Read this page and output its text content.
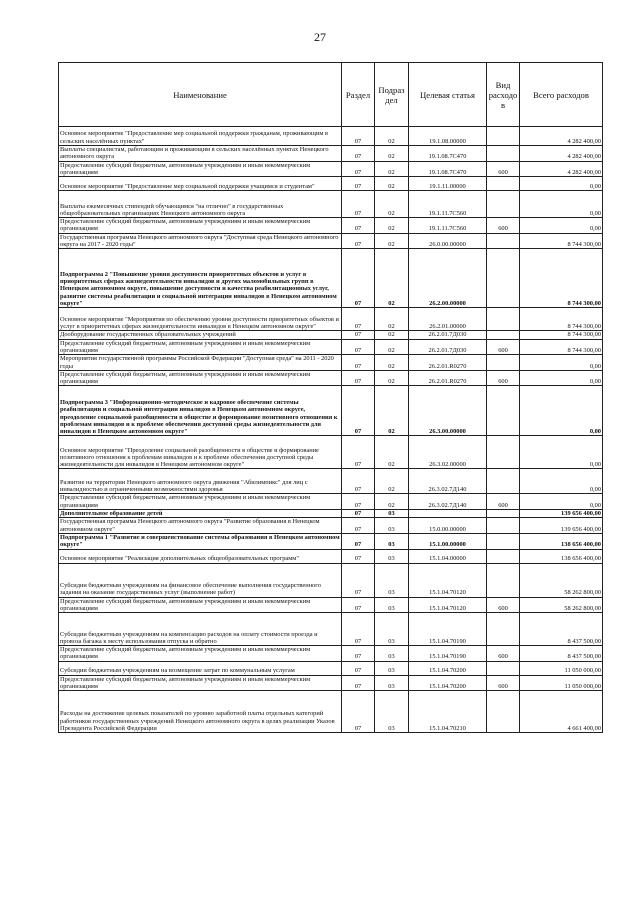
27
Наименование	Раздел	Подраз дел	Целевая статья	Вид расходо в	Всего расходов
Основное мероприятие "Предоставление мер социальной поддержки гражданам, проживающим в сельских населённых пунктах"	07	02	19.1.08.00000		4 282 400,00
Выплаты специалистам, работающим и проживающим в сельских населённых пунктах Ненецкого автономного округа	07	02	19.1.08.7С470		4 282 400,00
Предоставление субсидий бюджетным, автономным учреждениям и иным некоммерческим организациям	07	02	19.1.08.7С470	600	4 282 400,00
Основное мероприятие "Предоставление мер социальной поддержки учащимся и студентам"	07	02	19.1.11.00000		0,00
Выплаты ежемесячных стипендий обучающимся "на отлично" в государственных общеобразовательных организациях Ненецкого автономного округа	07	02	19.1.11.7С560		0,00
Предоставление субсидий бюджетным, автономным учреждениям и иным некоммерческим организациям	07	02	19.1.11.7С560	600	0,00
Государственная программа Ненецкого автономного округа "Доступная среда Ненецкого автономного округа на 2017 - 2020 годы"	07	02	26.0.00.00000		8 744 300,00
Подпрограмма 2 "Повышение уровня доступности приоритетных объектов и услуг в приоритетных сферах жизнедеятельности инвалидов и других маломобильных групп в Ненецком автономном округе, повышение доступности и качества реабилитационных услуг, развитие системы реабилитации и социальной интеграции инвалидов в Ненецком автономном округе"	07	02	26.2.00.00000		8 744 300,00
Основное мероприятие "Мероприятия по обеспечению уровня доступности приоритетных объектов и услуг в приоритетных сферах жизнедеятельности инвалидов в Ненецком автономном округе"	07	02	26.2.01.00000		8 744 300,00
Дооборудование государственных образовательных учреждений	07	02	26.2.01.7Д030		8 744 300,00
Предоставление субсидий бюджетным, автономным учреждениям и иным некоммерческим организациям	07	02	26.2.01.7Д030	600	8 744 300,00
Мероприятия государственной программы Российской Федерации "Доступная среда" на 2011 - 2020 годы	07	02	26.2.01.R0270		0,00
Предоставление субсидий бюджетным, автономным учреждениям и иным некоммерческим организациям	07	02	26.2.01.R0270	600	0,00
Подпрограмма 3 "Информационно-методическое и кадровое обеспечение системы реабилитации и социальной интеграции инвалидов в Ненецком автономном округе, преодоление социальной разобщенности в обществе и формирование позитивного отношения к проблемам инвалидов и к проблеме обеспечения доступной среды жизнедеятельности для инвалидов в Ненецком автономном округе"	07	02	26.3.00.00000		0,00
Основное мероприятие "Преодоление социальной разобщенности в обществе и формирование позитивного отношения к проблемам инвалидов и к проблеме обеспечения доступной среды жизнедеятельности для инвалидов в Ненецком автономном округе"	07	02	26.3.02.00000		0,00
Развитие на территории Ненецкого автономного округа движения "Абилимпикс" для лиц с инвалидностью и ограниченными возможностями здоровья	07	02	26.3.02.7Д140		0,00
Предоставление субсидий бюджетным, автономным учреждениям и иным некоммерческим организациям	07	02	26.3.02.7Д140	600	0,00
Дополнительное образование детей	07	03			139 656 400,00
Государственная программа Ненецкого автономного округа "Развитие образования в Ненецком автономном округе"	07	03	15.0.00.00000		139 656 400,00
Подпрограмма 1 "Развитие и совершенствование системы образования в Ненецком автономном округе"	07	03	15.1.00.00000		138 656 400,00
Основное мероприятие "Реализация дополнительных общеобразовательных программ"	07	03	15.1.04.00000		138 656 400,00
Субсидии бюджетным учреждениям на финансовое обеспечение выполнения государственного задания на оказание государственных услуг (выполнение работ)	07	03	15.1.04.70120		58 262 800,00
Предоставление субсидий бюджетным, автономным учреждениям и иным некоммерческим организациям	07	03	15.1.04.70120	600	58 262 800,00
Субсидии бюджетным учреждениям на компенсацию расходов на оплату стоимости проезда и провоза багажа к месту использования отпуска и обратно	07	03	15.1.04.70190		8 437 500,00
Предоставление субсидий бюджетным, автономным учреждениям и иным некоммерческим организациям	07	03	15.1.04.70190	600	8 437 500,00
Субсидии бюджетным учреждениям на возмещение затрат по коммунальным услугам	07	03	15.1.04.70200		11 050 000,00
Предоставление субсидий бюджетным, автономным учреждениям и иным некоммерческим организациям	07	03	15.1.04.70200	600	11 050 000,00
Расходы на достижение целевых показателей по уровню заработной платы отдельных категорий работников государственных учреждений Ненецкого автономного округа в целях реализации Указов Президента Российской Федерации	07	03	15.1.04.70210		4 661 400,00
